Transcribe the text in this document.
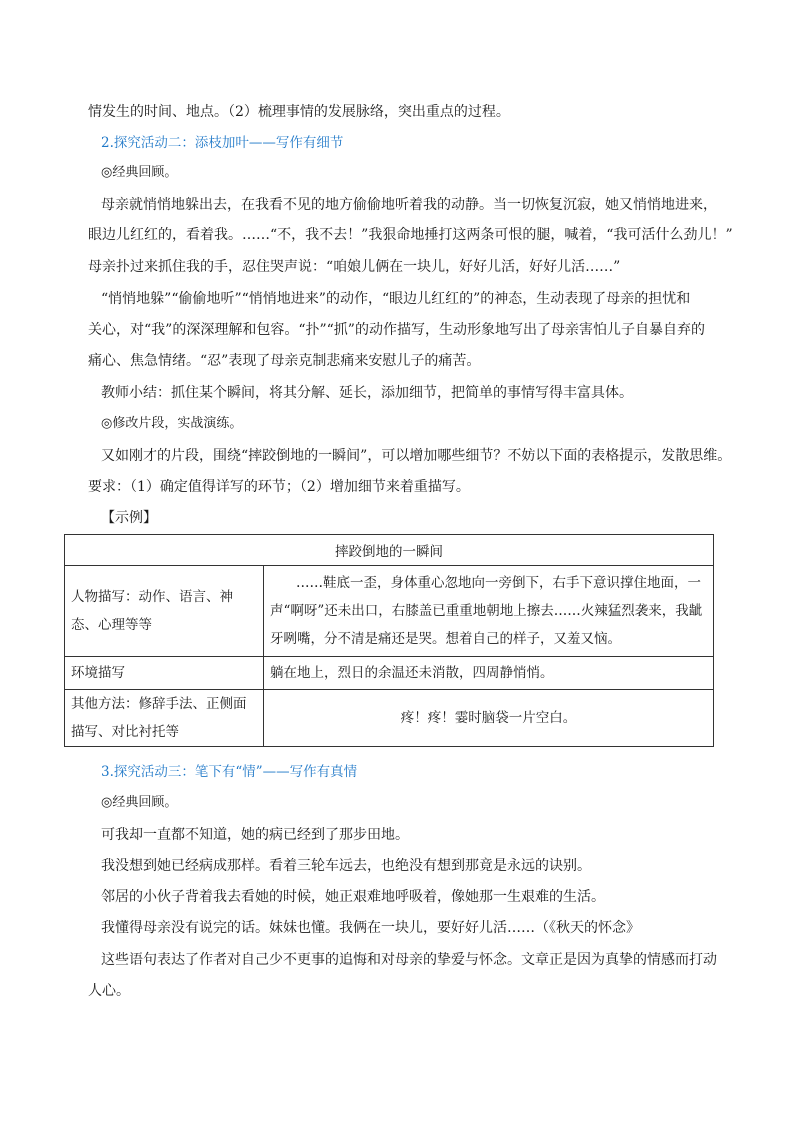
情发生的时间、地点。（2）梳理事情的发展脉络，突出重点的过程。
2.探究活动二：添枝加叶——写作有细节
◎经典回顾。
母亲就悄悄地躲出去，在我看不见的地方偷偷地听着我的动静。当一切恢复沉寂，她又悄悄地进来，
眼边儿红红的，看着我。……“不，我不去！”我狠命地捶打这两条可恨的腿，喊着，“我可活什么劲儿！”
母亲扑过来抓住我的手，忍住哭声说：“咱娘儿俩在一块儿，好好儿活，好好儿活……”
“悄悄地躲”“偷偷地听”“悄悄地进来”的动作，“眼边儿红红的”的神态，生动表现了母亲的担忧和
关心，对“我”的深深理解和包容。“扑”“抓”的动作描写，生动形象地写出了母亲害怕儿子自暴自弃的
痛心、焦急情绪。“忍”表现了母亲克制悲痛来安慰儿子的痛苦。
教师小结：抓住某个瞬间，将其分解、延长，添加细节，把简单的事情写得丰富具体。
◎修改片段，实战演练。
又如刚才的片段，围绕“摔跤倒地的一瞬间”，可以增加哪些细节？不妨以下面的表格提示，发散思维。
要求：（1）确定值得详写的环节；（2）增加细节来着重描写。
【示例】
摔跤倒地的一瞬间	
人物描写：动作、语言、神态、心理等等	……鞋底一歪，身体重心忽地向一旁倒下，右手下意识撑住地面，一声“啊呀”还未出口，右膝盖已重重地朝地上擦去……火辣猛烈袭来，我龇牙咧嘴，分不清是痛还是哭。想着自己的样子，又羞又恼。
环境描写	躺在地上，烈日的余温还未消散，四周静悄悄。
其他方法：修辞手法、正侧面描写、对比衬托等	疼！疼！霎时脑袋一片空白。
3.探究活动三：笔下有“情”——写作有真情
◎经典回顾。
可我却一直都不知道，她的病已经到了那步田地。
我没想到她已经病成那样。看着三轮车远去，也绝没有想到那竟是永远的诀别。
邻居的小伙子背着我去看她的时候，她正艰难地呼吸着，像她那一生艰难的生活。
我懂得母亲没有说完的话。妹妹也懂。我俩在一块儿，要好好儿活……（《秋天的怀念》
这些语句表达了作者对自己少不更事的追悔和对母亲的挚爱与怀念。文章正是因为真挚的情感而打动
人心。
